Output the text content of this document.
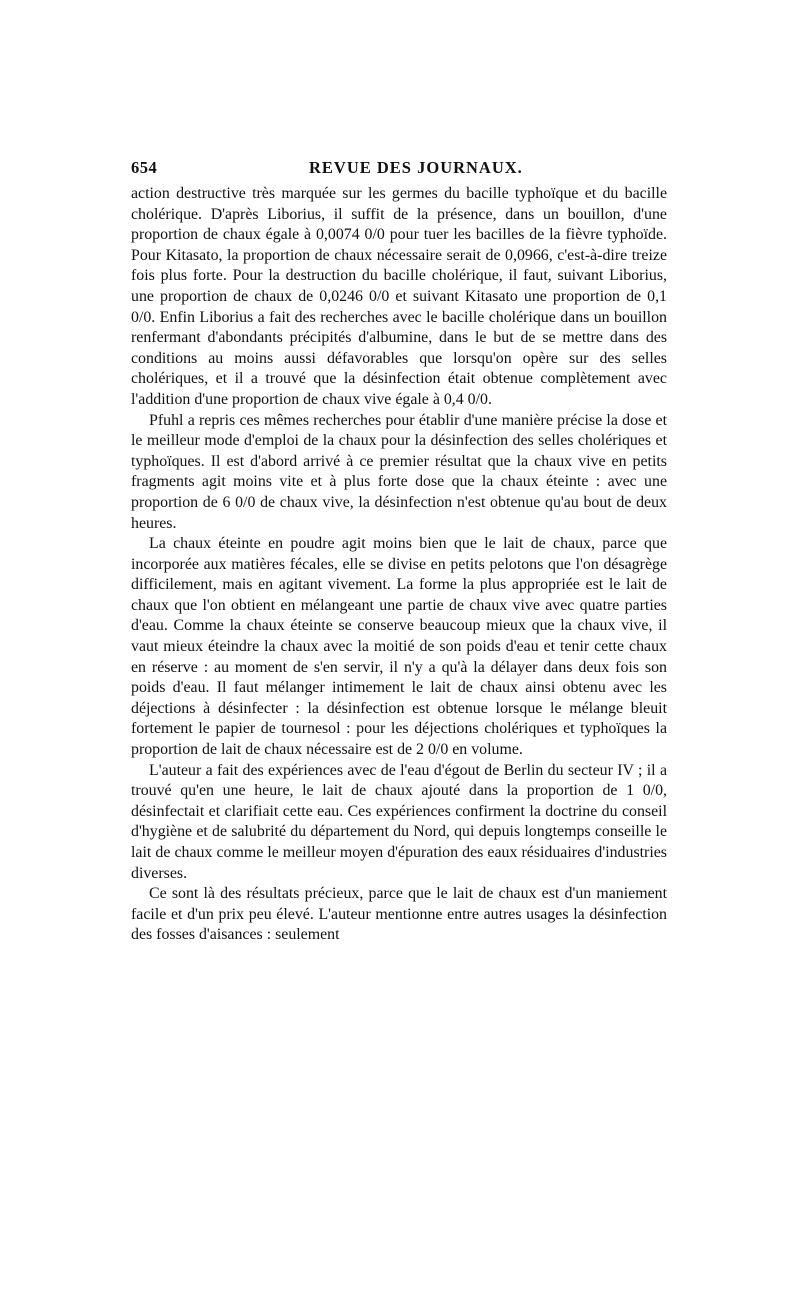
654	REVUE DES JOURNAUX.

action destructive très marquée sur les germes du bacille typhoïque et du bacille cholérique. D'après Liborius, il suffit de la présence, dans un bouillon, d'une proportion de chaux égale à 0,0074 0/0 pour tuer les bacilles de la fièvre typhoïde. Pour Kitasato, la proportion de chaux nécessaire serait de 0,0966, c'est-à-dire treize fois plus forte. Pour la destruction du bacille cholérique, il faut, suivant Liborius, une proportion de chaux de 0,0246 0/0 et suivant Kitasato une proportion de 0,1 0/0. Enfin Liborius a fait des recherches avec le bacille cholérique dans un bouillon renfermant d'abondants précipités d'albumine, dans le but de se mettre dans des conditions au moins aussi défavorables que lorsqu'on opère sur des selles cholériques, et il a trouvé que la désinfection était obtenue complètement avec l'addition d'une proportion de chaux vive égale à 0,4 0/0.

Pfuhl a repris ces mêmes recherches pour établir d'une manière précise la dose et le meilleur mode d'emploi de la chaux pour la désinfection des selles cholériques et typhoïques. Il est d'abord arrivé à ce premier résultat que la chaux vive en petits fragments agit moins vite et à plus forte dose que la chaux éteinte : avec une proportion de 6 0/0 de chaux vive, la désinfection n'est obtenue qu'au bout de deux heures.

La chaux éteinte en poudre agit moins bien que le lait de chaux, parce que incorporée aux matières fécales, elle se divise en petits pelotons que l'on désagrège difficilement, mais en agitant vivement. La forme la plus appropriée est le lait de chaux que l'on obtient en mélangeant une partie de chaux vive avec quatre parties d'eau. Comme la chaux éteinte se conserve beaucoup mieux que la chaux vive, il vaut mieux éteindre la chaux avec la moitié de son poids d'eau et tenir cette chaux en réserve : au moment de s'en servir, il n'y a qu'à la délayer dans deux fois son poids d'eau. Il faut mélanger intimement le lait de chaux ainsi obtenu avec les déjections à désinfecter : la désinfection est obtenue lorsque le mélange bleuit fortement le papier de tournesol : pour les déjections cholériques et typhoïques la proportion de lait de chaux nécessaire est de 2 0/0 en volume.

L'auteur a fait des expériences avec de l'eau d'égout de Berlin du secteur IV ; il a trouvé qu'en une heure, le lait de chaux ajouté dans la proportion de 1 0/0, désinfectait et clarifiait cette eau. Ces expériences confirment la doctrine du conseil d'hygiène et de salubrité du département du Nord, qui depuis longtemps conseille le lait de chaux comme le meilleur moyen d'épuration des eaux résiduaires d'industries diverses.

Ce sont là des résultats précieux, parce que le lait de chaux est d'un maniement facile et d'un prix peu élevé. L'auteur mentionne entre autres usages la désinfection des fosses d'aisances : seulement
